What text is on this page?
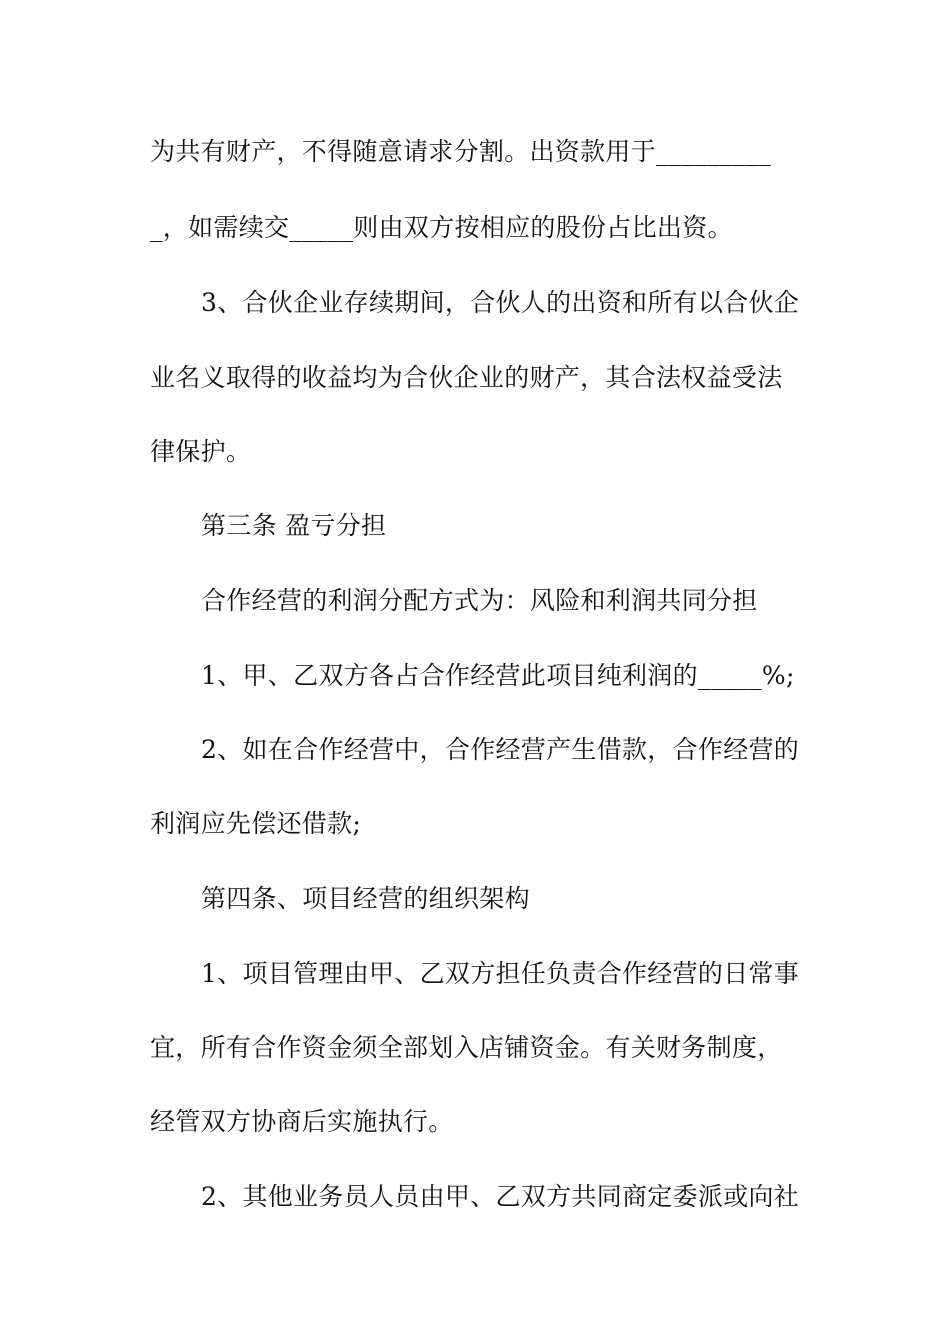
为共有财产，不得随意请求分割。出资款用于_________
_，如需续交_____则由双方按相应的股份占比出资。
3、合伙企业存续期间，合伙人的出资和所有以合伙企
业名义取得的收益均为合伙企业的财产，其合法权益受法
律保护。
第三条 盈亏分担
合作经营的利润分配方式为：风险和利润共同分担
1、甲、乙双方各占合作经营此项目纯利润的_____%;
2、如在合作经营中，合作经营产生借款，合作经营的
利润应先偿还借款;
第四条、项目经营的组织架构
1、项目管理由甲、乙双方担任负责合作经营的日常事
宜，所有合作资金须全部划入店铺资金。有关财务制度，
经管双方协商后实施执行。
2、其他业务员人员由甲、乙双方共同商定委派或向社
